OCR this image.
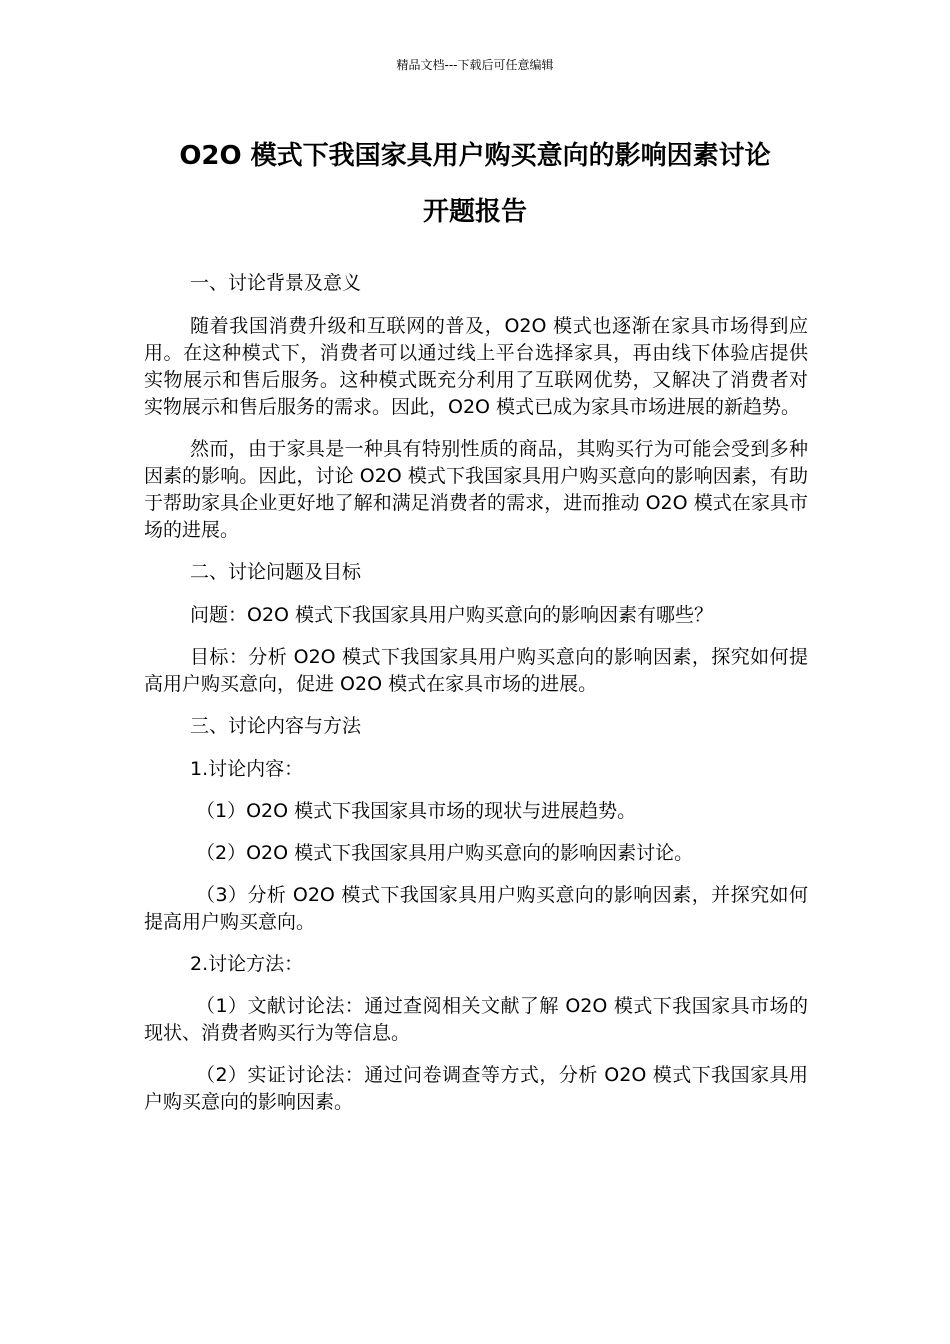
精品文档---下载后可任意编辑
O2O 模式下我国家具用户购买意向的影响因素讨论
开题报告

一、讨论背景及意义

随着我国消费升级和互联网的普及，O2O 模式也逐渐在家具市场得到应用。在这种模式下，消费者可以通过线上平台选择家具，再由线下体验店提供实物展示和售后服务。这种模式既充分利用了互联网优势，又解决了消费者对实物展示和售后服务的需求。因此，O2O 模式已成为家具市场进展的新趋势。

然而，由于家具是一种具有特别性质的商品，其购买行为可能会受到多种因素的影响。因此，讨论 O2O 模式下我国家具用户购买意向的影响因素，有助于帮助家具企业更好地了解和满足消费者的需求，进而推动 O2O 模式在家具市场的进展。

二、讨论问题及目标

问题：O2O 模式下我国家具用户购买意向的影响因素有哪些？

目标：分析 O2O 模式下我国家具用户购买意向的影响因素，探究如何提高用户购买意向，促进 O2O 模式在家具市场的进展。

三、讨论内容与方法

1.讨论内容：

（1）O2O 模式下我国家具市场的现状与进展趋势。

（2）O2O 模式下我国家具用户购买意向的影响因素讨论。

（3）分析 O2O 模式下我国家具用户购买意向的影响因素，并探究如何提高用户购买意向。

2.讨论方法：

（1）文献讨论法：通过查阅相关文献了解 O2O 模式下我国家具市场的现状、消费者购买行为等信息。

（2）实证讨论法：通过问卷调查等方式，分析 O2O 模式下我国家具用户购买意向的影响因素。
